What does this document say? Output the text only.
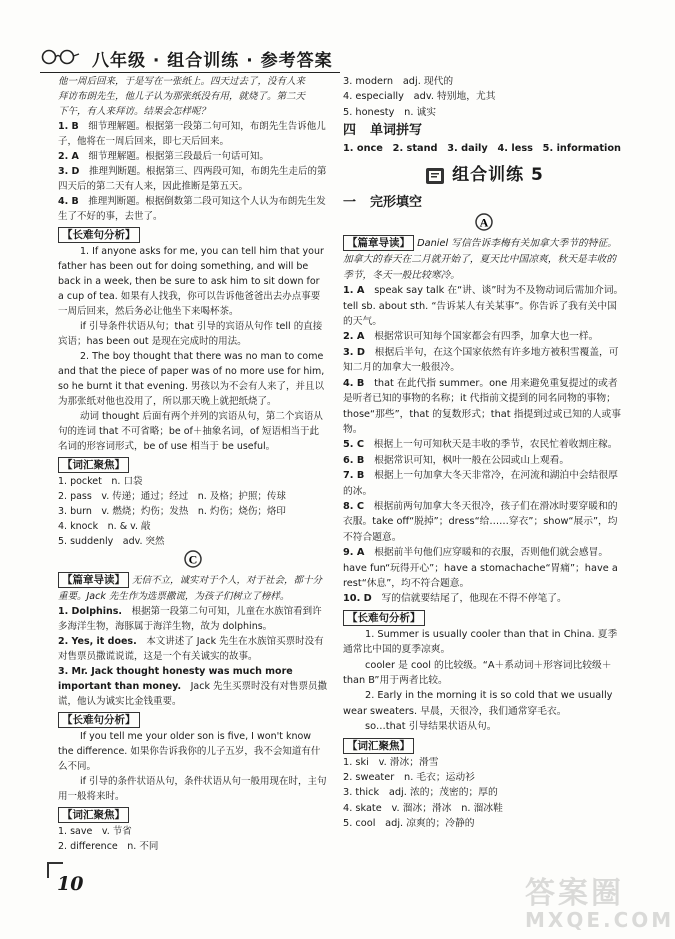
八年级 · 组合训练 · 参考答案

他一周后回来，于是写在一张纸上。四天过去了，没有人来

拜访布朗先生，他儿子认为那张纸没有用，就烧了。第二天

下午，有人来拜访。结果会怎样呢？

1. B　 细节理解题。根据第一段第二句可知，布朗先生告诉他儿子，他将在一周后回来，即七天后回来。

2. A　 细节理解题。根据第三段最后一句话可知。

3. D　 推理判断题。根据第三、四两段可知，布朗先生走后的第四天后的第二天有人来，因此推断是第五天。

4. B　 推理判断题。根据倒数第二段可知这个人认为布朗先生发生了不好的事，去世了。

【长难句分析】

1. If anyone asks for me, you can tell him that your father has been out for doing something, and will be back in a week, then be sure to ask him to sit down for a cup of tea. 如果有人找我，你可以告诉他爸爸出去办点事要一周后回来，然后务必让他坐下来喝杯茶。

if 引导条件状语从句；that 引导的宾语从句作 tell 的直接宾语；has been out 是现在完成时的用法。

2. The boy thought that there was no man to come and that the piece of paper was of no more use for him, so he burnt it that evening. 男孩以为不会有人来了，并且以为那张纸对他也没用了，所以那天晚上就把纸烧了。

动词 thought 后面有两个并列的宾语从句，第二个宾语从句的连词 that 不可省略；be of＋抽象名词，of 短语相当于此名词的形容词形式，be of use 相当于 be useful。

【词汇聚焦】

1. pocket　n. 口袋

2. pass　v. 传递；通过；经过　n. 及格；护照；传球

3. burn　v. 燃烧；灼伤；发热　n. 灼伤；烧伤；烙印

4. knock　n. & v. 敲

5. suddenly　adv. 突然

C

【篇章导读】 无信不立，诚实对于个人，对于社会，都十分重要。Jack 先生作为选票撒谎，为孩子们树立了榜样。

1. Dolphins.　 根据第一段第二句可知，儿童在水族馆看到许多海洋生物，海豚属于海洋生物，故为 dolphins。

2. Yes, it does.　 本文讲述了 Jack 先生在水族馆买票时没有对售票员撒谎说谎，这是一个有关诚实的故事。

3. Mr. Jack thought honesty was much more important than money.　 Jack 先生买票时没有对售票员撒谎，他认为诚实比金钱重要。

【长难句分析】

If you tell me your older son is five, I won't know the difference. 如果你告诉我你的儿子五岁，我不会知道有什么不同。

if 引导的条件状语从句，条件状语从句一般用现在时，主句用一般将来时。

【词汇聚焦】

1. save　v. 节省

2. difference　n. 不同

3. modern　adj. 现代的

4. especially　adv. 特别地，尤其

5. honesty　n. 诚实

四 单词拼写

1. once　2. stand　3. daily　4. less　5. information

组合训练 5
一 完形填空
A

【篇章导读】 Daniel 写信告诉李梅有关加拿大季节的特征。加拿大的春天在二月就开始了，夏天比中国凉爽，秋天是丰收的季节，冬天一般比较寒冷。

1. A　 speak say talk 在“讲、谈”时为不及物动词后需加介词。tell sb. about sth. “告诉某人有关某事”。你告诉了我有关中国的天气。

2. A　 根据常识可知每个国家都会有四季，加拿大也一样。

3. D　 根据后半句，在这个国家依然有许多地方被积雪覆盖，可知二月的加拿大一般很冷。

4. B　 that 在此代指 summer。one 用来避免重复提过的或者是听者已知的事物的名称；it 代指前文提到的同名同物的事物；those“那些”，that 的复数形式；that 指提到过或已知的人或事物。

5. C　 根据上一句可知秋天是丰收的季节，农民忙着收割庄稼。

6. B　 根据常识可知，枫叶一般在公园或山上观看。

7. B　 根据上一句加拿大冬天非常冷，在河流和湖泊中会结很厚的冰。

8. C　 根据前两句加拿大冬天很冷，孩子们在滑冰时要穿暖和的衣服。take off“脱掉”；dress“给……穿衣”；show“展示”，均不符合题意。

9. A　 根据前半句他们应穿暖和的衣服，否则他们就会感冒。have fun“玩得开心”；have a stomachache“胃痛”；have a rest“休息”，均不符合题意。

10. D　 写的信就要结尾了，他现在不得不停笔了。

【长难句分析】

1. Summer is usually cooler than that in China. 夏季通常比中国的夏季凉爽。

cooler 是 cool 的比较级。“A＋系动词＋形容词比较级＋than B”用于两者比较。

2. Early in the morning it is so cold that we usually wear sweaters. 早晨，天很冷，我们通常穿毛衣。

so…that 引导结果状语从句。

【词汇聚焦】

1. ski　v. 滑冰；滑雪

2. sweater　n. 毛衣；运动衫

3. thick　adj. 浓的；茂密的；厚的

4. skate　v. 溜冰；滑冰　n. 溜冰鞋

5. cool　adj. 凉爽的；冷静的

10	答案圈
MXQE.COM
